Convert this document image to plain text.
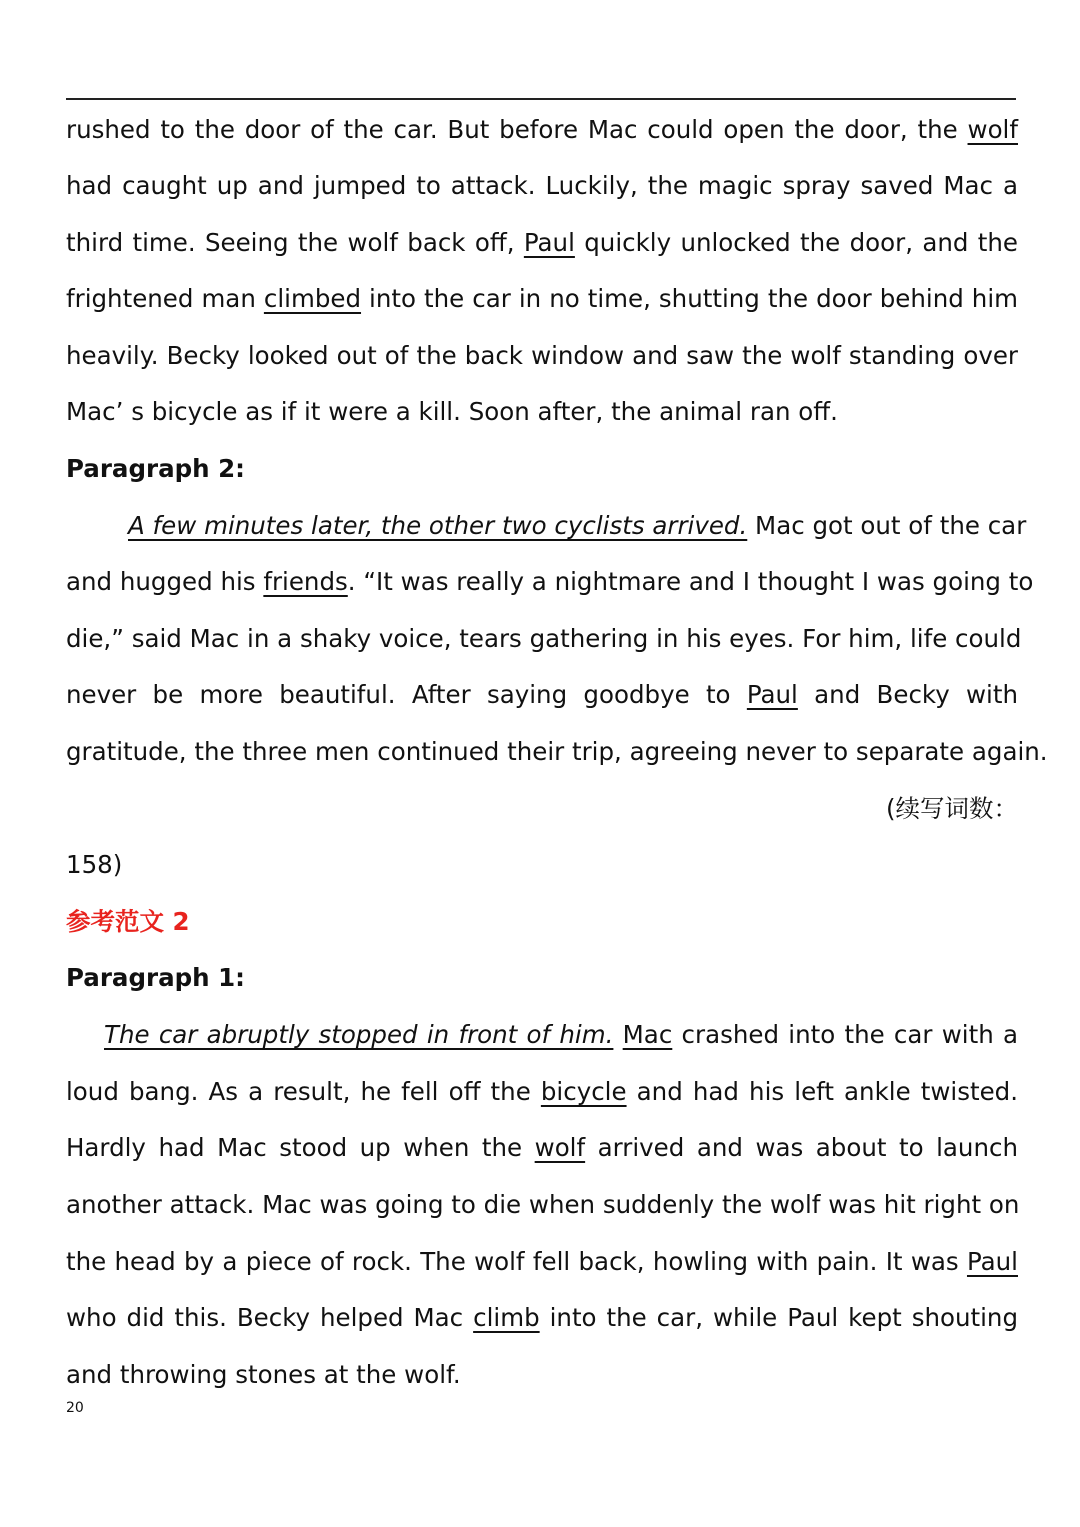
rushed to the door of the car. But before Mac could open the door, the wolf
had caught up and jumped to attack. Luckily, the magic spray saved Mac a
third time. Seeing the wolf back off, Paul quickly unlocked the door, and the
frightened man climbed into the car in no time, shutting the door behind him
heavily. Becky looked out of the back window and saw the wolf standing over
Mac’ s bicycle as if it were a kill. Soon after, the animal ran off.
Paragraph 2:
A few minutes later, the other two cyclists arrived. Mac got out of the car
and hugged his friends. “It was really a nightmare and I thought I was going to
die,” said Mac in a shaky voice, tears gathering in his eyes. For him, life could
never be more beautiful. After saying goodbye to Paul and Becky with
gratitude, the three men continued their trip, agreeing never to separate again.
(续写词数：
158)
参考范文 2
Paragraph 1:
The car abruptly stopped in front of him. Mac crashed into the car with a
loud bang. As a result, he fell off the bicycle and had his left ankle twisted.
Hardly had Mac stood up when the wolf arrived and was about to launch
another attack. Mac was going to die when suddenly the wolf was hit right on
the head by a piece of rock. The wolf fell back, howling with pain. It was Paul
who did this. Becky helped Mac climb into the car, while Paul kept shouting
and throwing stones at the wolf.
20
